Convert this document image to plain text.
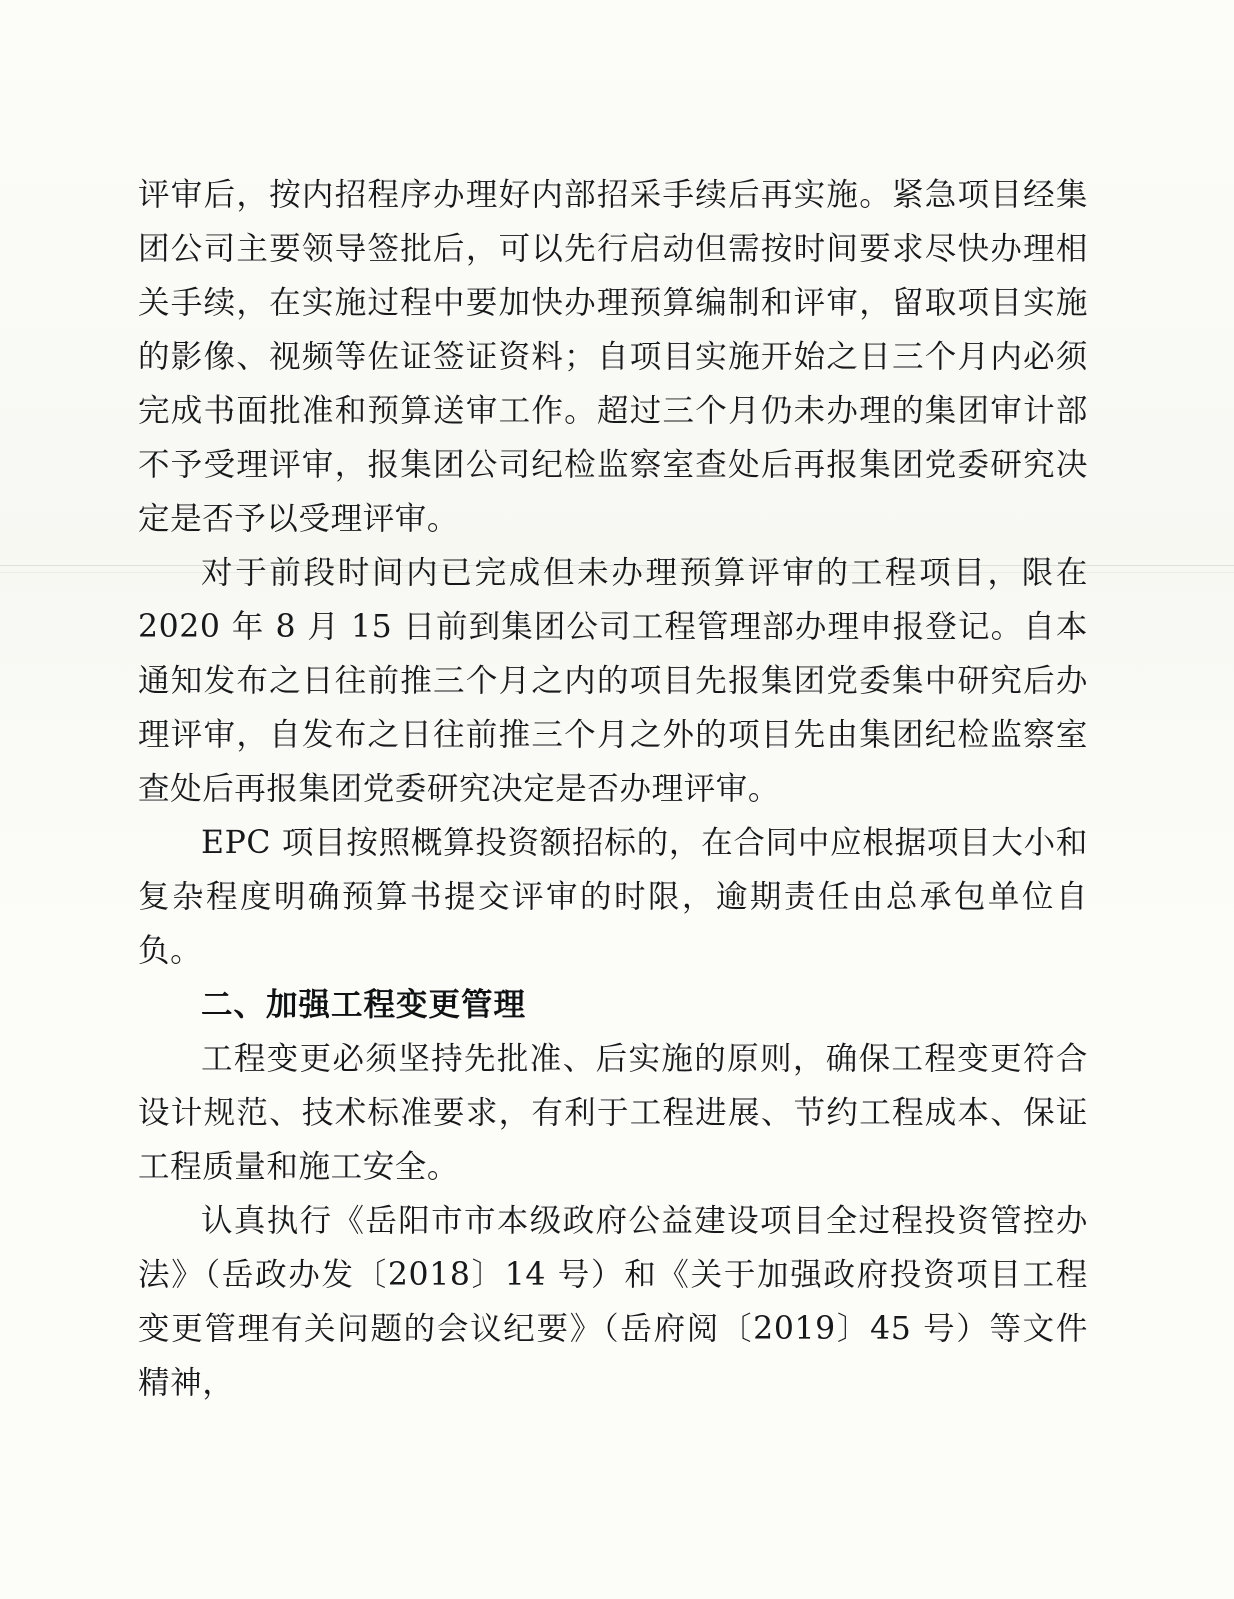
评审后，按内招程序办理好内部招采手续后再实施。紧急项目经集团公司主要领导签批后，可以先行启动但需按时间要求尽快办理相关手续，在实施过程中要加快办理预算编制和评审，留取项目实施的影像、视频等佐证签证资料；自项目实施开始之日三个月内必须完成书面批准和预算送审工作。超过三个月仍未办理的集团审计部不予受理评审，报集团公司纪检监察室查处后再报集团党委研究决定是否予以受理评审。

对于前段时间内已完成但未办理预算评审的工程项目，限在 2020 年 8 月 15 日前到集团公司工程管理部办理申报登记。自本通知发布之日往前推三个月之内的项目先报集团党委集中研究后办理评审，自发布之日往前推三个月之外的项目先由集团纪检监察室查处后再报集团党委研究决定是否办理评审。

EPC 项目按照概算投资额招标的，在合同中应根据项目大小和复杂程度明确预算书提交评审的时限，逾期责任由总承包单位自负。

二、加强工程变更管理

工程变更必须坚持先批准、后实施的原则，确保工程变更符合设计规范、技术标准要求，有利于工程进展、节约工程成本、保证工程质量和施工安全。

认真执行《岳阳市市本级政府公益建设项目全过程投资管控办法》（岳政办发〔2018〕14 号）和《关于加强政府投资项目工程变更管理有关问题的会议纪要》（岳府阅〔2019〕45 号）等文件精神，
